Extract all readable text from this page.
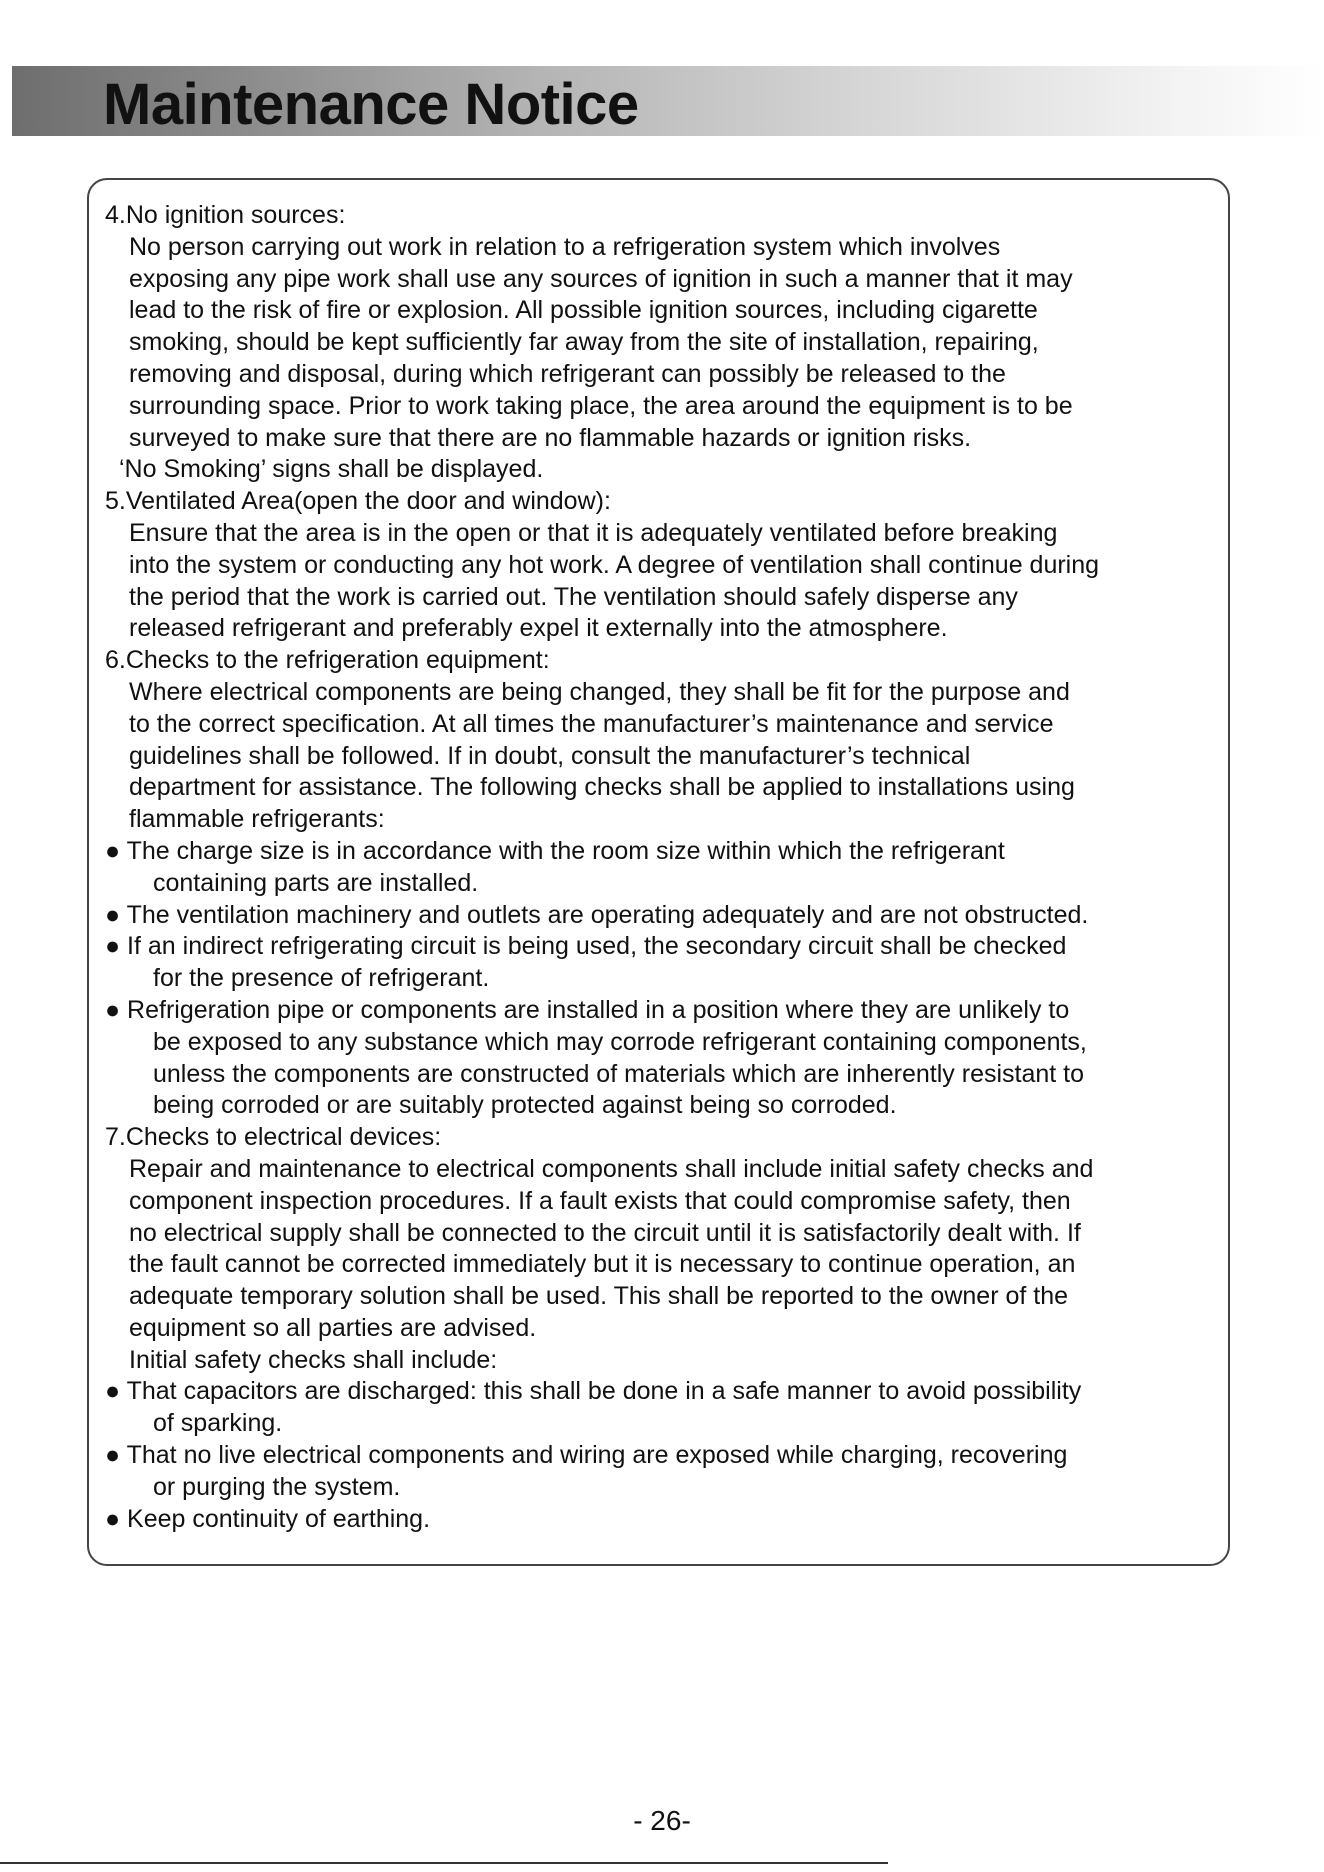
Maintenance Notice
4.No ignition sources:
No person carrying out work in relation to a refrigeration system which involves
exposing any pipe work shall use any sources of ignition in such a manner that it may
lead to the risk of fire or explosion. All possible ignition sources, including cigarette
smoking, should be kept sufficiently far away from the site of installation, repairing,
removing and disposal, during which refrigerant can possibly be released to the
surrounding space. Prior to work taking place, the area around the equipment is to be
surveyed to make sure that there are no flammable hazards or ignition risks.
‘No Smoking’ signs shall be displayed.
5.Ventilated Area(open the door and window):
Ensure that the area is in the open or that it is adequately ventilated before breaking
into the system or conducting any hot work. A degree of ventilation shall continue during
the period that the work is carried out. The ventilation should safely disperse any
released refrigerant and preferably expel it externally into the atmosphere.
6.Checks to the refrigeration equipment:
Where electrical components are being changed, they shall be fit for the purpose and
to the correct specification. At all times the manufacturer’s maintenance and service
guidelines shall be followed. If in doubt, consult the manufacturer’s technical
department for assistance. The following checks shall be applied to installations using
flammable refrigerants:
● The charge size is in accordance with the room size within which the refrigerant
containing parts are installed.
● The ventilation machinery and outlets are operating adequately and are not obstructed.
● If an indirect refrigerating circuit is being used, the secondary circuit shall be checked
for the presence of refrigerant.
● Refrigeration pipe or components are installed in a position where they are unlikely to
be exposed to any substance which may corrode refrigerant containing components,
unless the components are constructed of materials which are inherently resistant to
being corroded or are suitably protected against being so corroded.
7.Checks to electrical devices:
Repair and maintenance to electrical components shall include initial safety checks and
component inspection procedures. If a fault exists that could compromise safety, then
no electrical supply shall be connected to the circuit until it is satisfactorily dealt with. If
the fault cannot be corrected immediately but it is necessary to continue operation, an
adequate temporary solution shall be used. This shall be reported to the owner of the
equipment so all parties are advised.
Initial safety checks shall include:
● That capacitors are discharged: this shall be done in a safe manner to avoid possibility
of sparking.
● That no live electrical components and wiring are exposed while charging, recovering
or purging the system.
● Keep continuity of earthing.
- 26-
